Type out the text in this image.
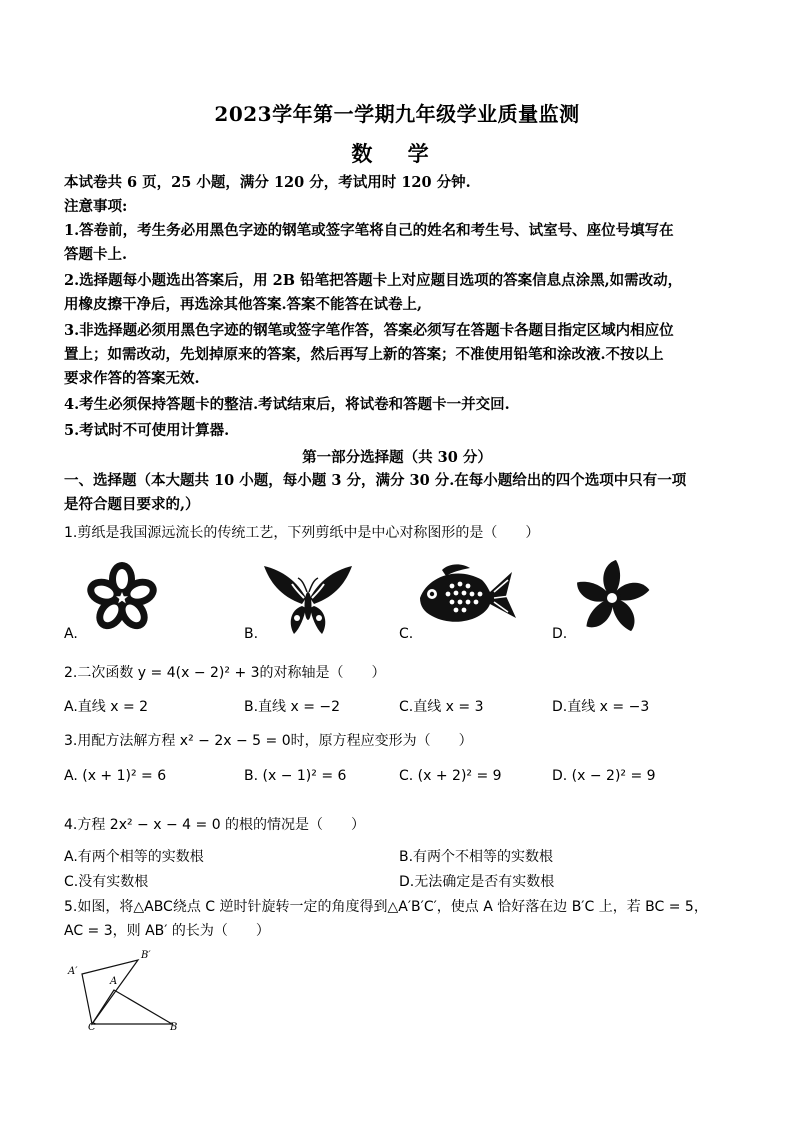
2023学年第一学期九年级学业质量监测
数 学
本试卷共 6 页，25 小题，满分 120 分，考试用时 120 分钟.
注意事项:
1.答卷前，考生务必用黑色字迹的钢笔或签字笔将自己的姓名和考生号、试室号、座位号填写在
答题卡上.
2.选择题每小题选出答案后，用 2B 铅笔把答题卡上对应题目选项的答案信息点涂黑,如需改动，
用橡皮擦干净后，再选涂其他答案.答案不能答在试卷上,
3.非选择题必须用黑色字迹的钢笔或签字笔作答，答案必须写在答题卡各题目指定区域内相应位
置上；如需改动，先划掉原来的答案，然后再写上新的答案；不准使用铅笔和涂改液.不按以上
要求作答的答案无效.
4.考生必须保持答题卡的整洁.考试结束后，将试卷和答题卡一并交回.
5.考试时不可使用计算器.
第一部分选择题（共 30 分）
一、选择题（本大题共 10 小题，每小题 3 分，满分 30 分.在每小题给出的四个选项中只有一项
是符合题目要求的,）
1.剪纸是我国源远流长的传统工艺，下列剪纸中是中心对称图形的是（　　）
A.	B.	C.	D.
2.二次函数 y = 4(x − 2)² + 3的对称轴是（　　）
A.直线 x = 2	B.直线 x = −2	C.直线 x = 3	D.直线 x = −3
3.用配方法解方程 x² − 2x − 5 = 0时，原方程应变形为（　　）
A. (x + 1)² = 6	B. (x − 1)² = 6	C. (x + 2)² = 9	D. (x − 2)² = 9
4.方程 2x² − x − 4 = 0 的根的情况是（　　）
A.有两个相等的实数根	B.有两个不相等的实数根
C.没有实数根	D.无法确定是否有实数根
5.如图，将△ABC绕点 C 逆时针旋转一定的角度得到△A′B′C′，使点 A 恰好落在边 B′C 上，若 BC = 5，
AC = 3，则 AB′ 的长为（　　）
A′
B′
A
C	B
